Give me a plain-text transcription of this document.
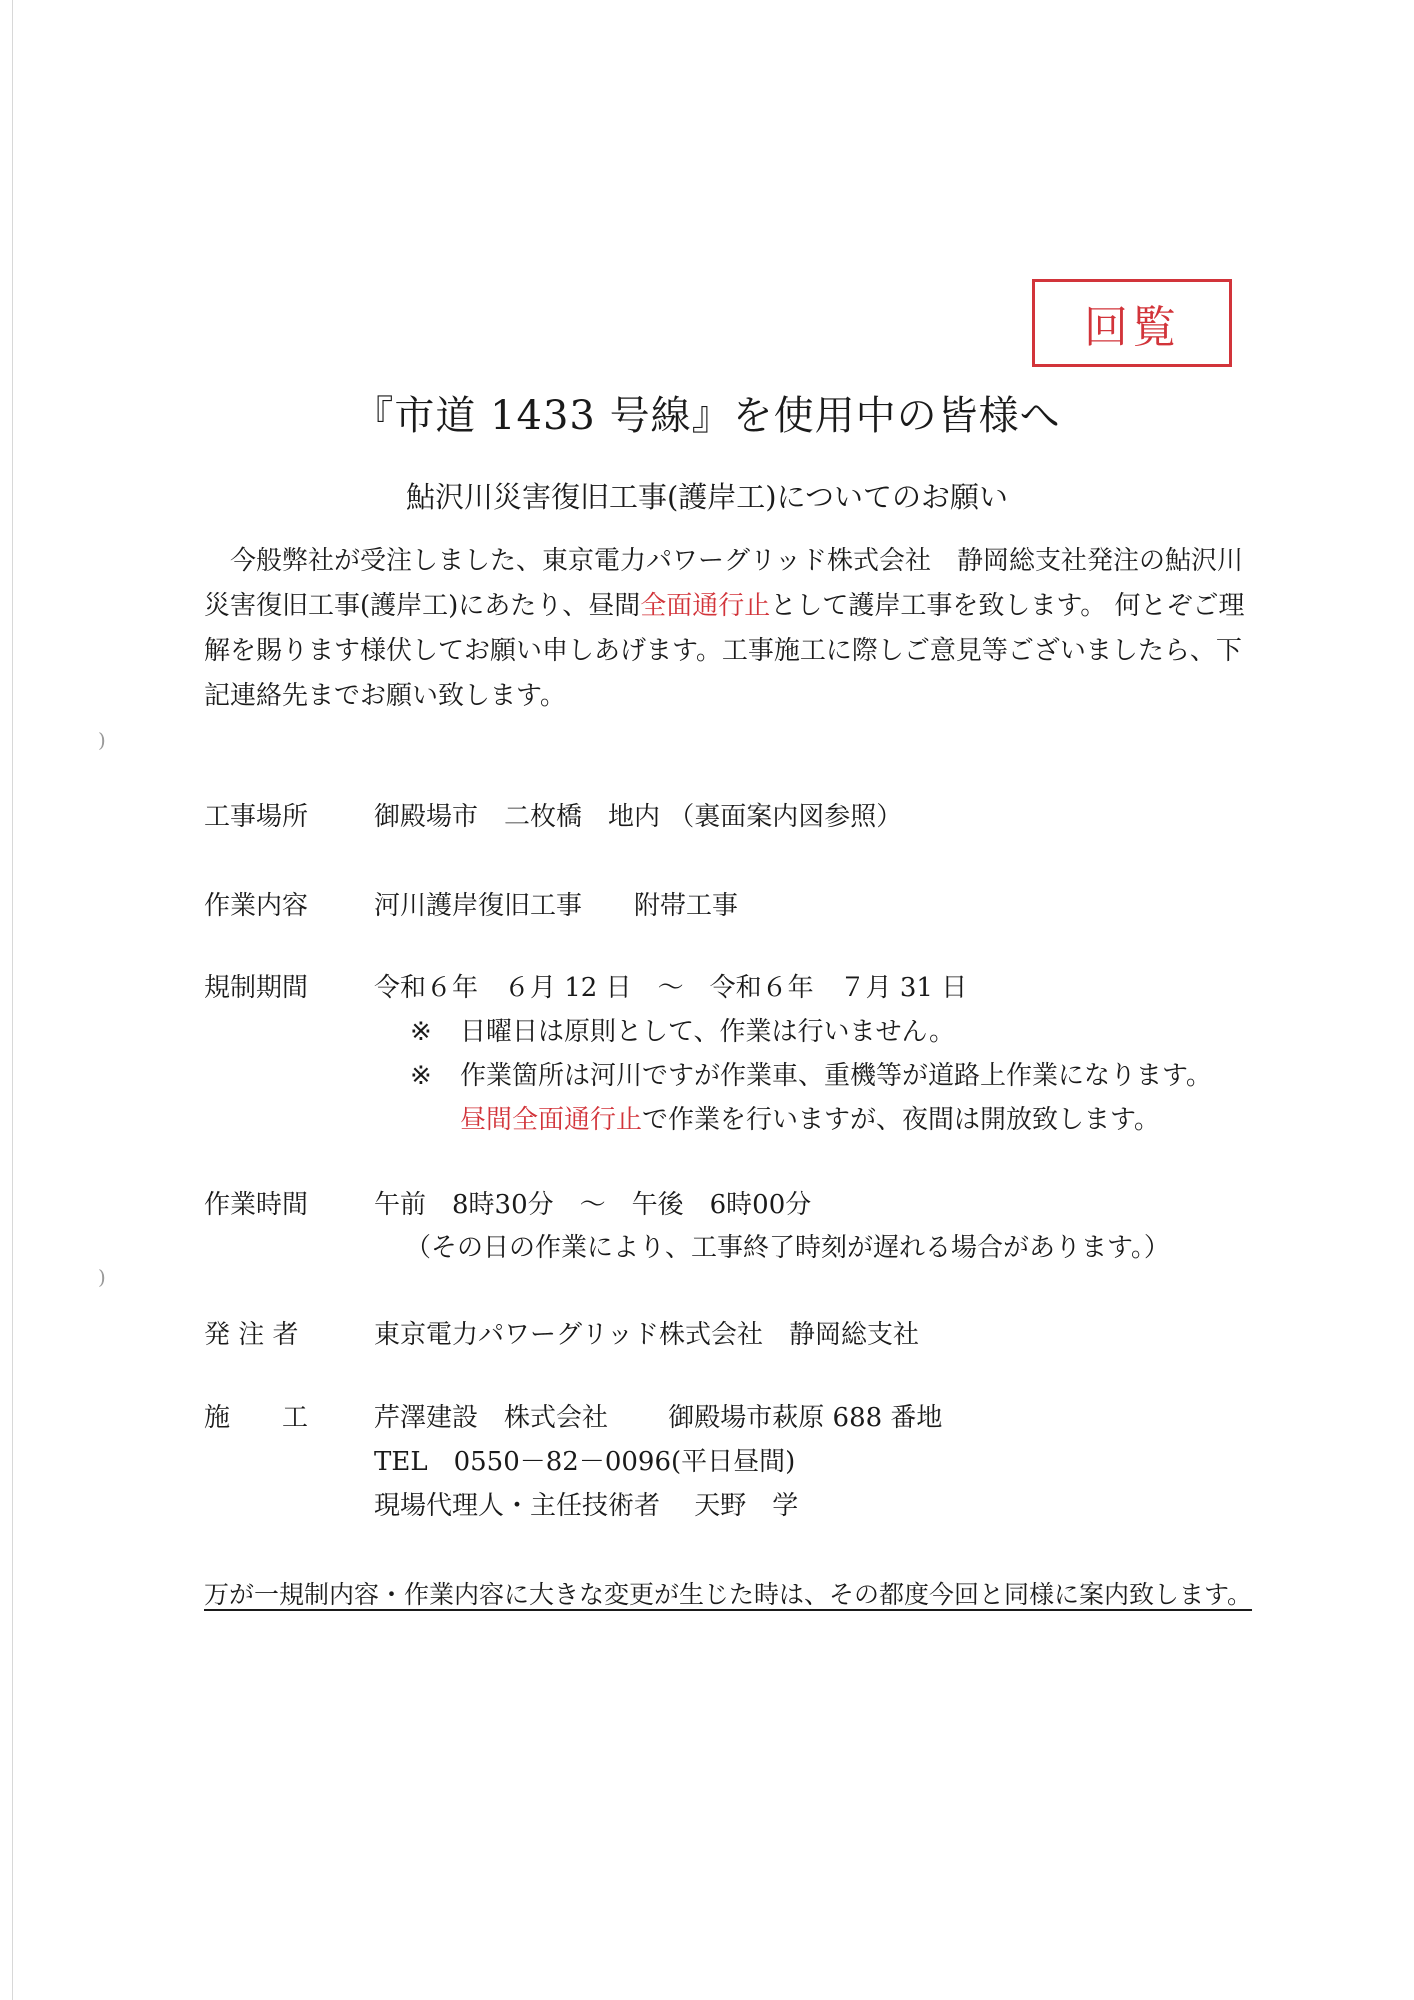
)
)
回覧
『市道 1433 号線』を使用中の皆様へ
鮎沢川災害復旧工事(護岸工)についてのお願い
今般弊社が受注しました、東京電力パワーグリッド株式会社　静岡総支社発注の鮎沢川災害復旧工事(護岸工)にあたり、昼間全面通行止として護岸工事を致します。 何とぞご理解を賜ります様伏してお願い申しあげます。工事施工に際しご意見等ございましたら、下記連絡先までお願い致します。
工事場所	御殿場市　二枚橋　地内 （裏面案内図参照）
作業内容	河川護岸復旧工事　　附帯工事
規制期間	令和６年　６月 12 日　～　令和６年　７月 31 日
※ 日曜日は原則として、作業は行いません。
※ 作業箇所は河川ですが作業車、重機等が道路上作業になります。
昼間全面通行止で作業を行いますが、夜間は開放致します。
作業時間	午前　8時30分　～　午後　6時00分
（その日の作業により、工事終了時刻が遅れる場合があります。）
発 注 者	東京電力パワーグリッド株式会社　静岡総支社
施　　工	芹澤建設　株式会社　　 御殿場市萩原 688 番地
TEL　0550－82－0096(平日昼間)
現場代理人・主任技術者　 天野　学
万が一規制内容・作業内容に大きな変更が生じた時は、その都度今回と同様に案内致します。
